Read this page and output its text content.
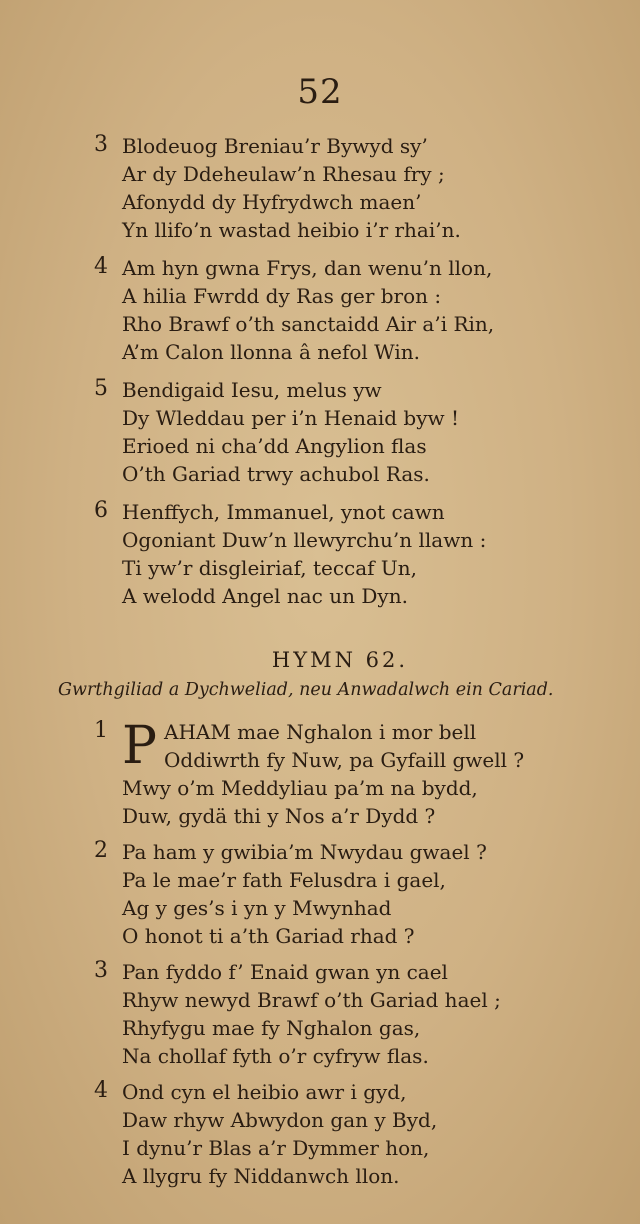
52
3 Blodeuog Breniau’r Bywyd sy’
Ar dy Ddeheulaw’n Rhesau fry ;
Afonydd dy Hyfrydwch maen’
Yn llifo’n wastad heibio i’r rhai’n.
4 Am hyn gwna Frys, dan wenu’n llon,
A hilia Fwrdd dy Ras ger bron :
Rho Brawf o’th sanctaidd Air a’i Rin,
A’m Calon llonna â nefol Win.
5 Bendigaid Iesu, melus yw
Dy Wleddau per i’n Henaid byw !
Erioed ni cha’dd Angylion flas
O’th Gariad trwy achubol Ras.
6 Henffych, Immanuel, ynot cawn
Ogoniant Duw’n llewyrchu’n llawn :
Ti yw’r disgleiriaf, teccaf Un,
A welodd Angel nac un Dyn.
HYMN 62.
Gwrthgiliad a Dychweliad, neu Anwadalwch ein Cariad.
1 P AHAM mae Nghalon i mor bell
Oddiwrth fy Nuw, pa Gyfaill gwell ?
Mwy o’m Meddyliau pa’m na bydd,
Duw, gydä thi y Nos a’r Dydd ?
2 Pa ham y gwibia’m Nwydau gwael ?
Pa le mae’r fath Felusdra i gael,
Ag y ges’s i yn y Mwynhad
O honot ti a’th Gariad rhad ?
3 Pan fyddo f’ Enaid gwan yn cael
Rhyw newyd Brawf o’th Gariad hael ;
Rhyfygu mae fy Nghalon gas,
Na chollaf fyth o’r cyfryw flas.
4 Ond cyn el heibio awr i gyd,
Daw rhyw Abwydon gan y Byd,
I dynu’r Blas a’r Dymmer hon,
A llygru fy Niddanwch llon.
